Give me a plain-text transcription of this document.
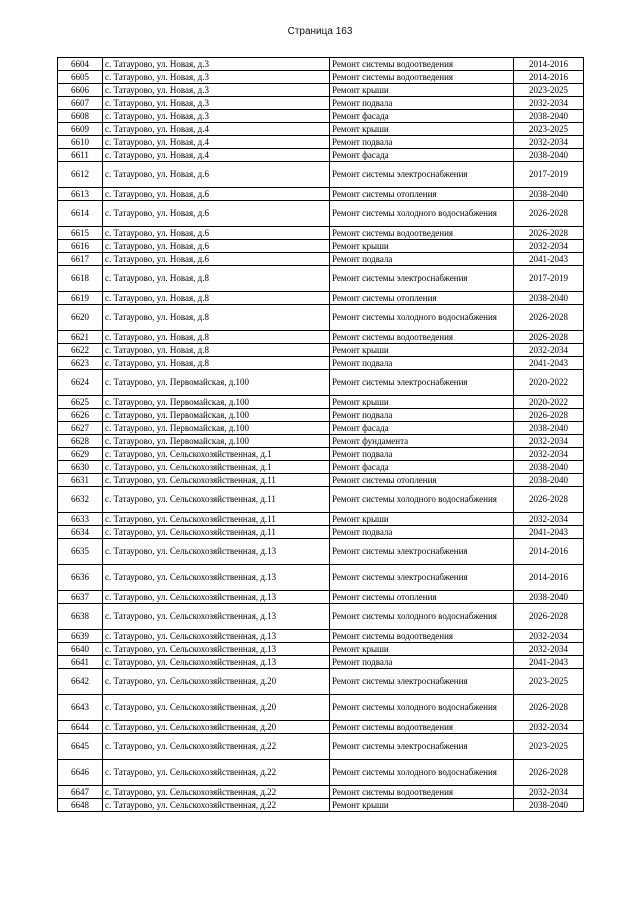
Страница 163
6604	с. Татаурово, ул. Новая, д.3	Ремонт системы водоотведения	2014-2016
6605	с. Татаурово, ул. Новая, д.3	Ремонт системы водоотведения	2014-2016
6606	с. Татаурово, ул. Новая, д.3	Ремонт крыши	2023-2025
6607	с. Татаурово, ул. Новая, д.3	Ремонт подвала	2032-2034
6608	с. Татаурово, ул. Новая, д.3	Ремонт фасада	2038-2040
6609	с. Татаурово, ул. Новая, д.4	Ремонт крыши	2023-2025
6610	с. Татаурово, ул. Новая, д.4	Ремонт подвала	2032-2034
6611	с. Татаурово, ул. Новая, д.4	Ремонт фасада	2038-2040
6612	с. Татаурово, ул. Новая, д.6	Ремонт системы электроснабжения	2017-2019
6613	с. Татаурово, ул. Новая, д.6	Ремонт системы отопления	2038-2040
6614	с. Татаурово, ул. Новая, д.6	Ремонт системы холодного водоснабжения	2026-2028
6615	с. Татаурово, ул. Новая, д.6	Ремонт системы водоотведения	2026-2028
6616	с. Татаурово, ул. Новая, д.6	Ремонт крыши	2032-2034
6617	с. Татаурово, ул. Новая, д.6	Ремонт подвала	2041-2043
6618	с. Татаурово, ул. Новая, д.8	Ремонт системы электроснабжения	2017-2019
6619	с. Татаурово, ул. Новая, д.8	Ремонт системы отопления	2038-2040
6620	с. Татаурово, ул. Новая, д.8	Ремонт системы холодного водоснабжения	2026-2028
6621	с. Татаурово, ул. Новая, д.8	Ремонт системы водоотведения	2026-2028
6622	с. Татаурово, ул. Новая, д.8	Ремонт крыши	2032-2034
6623	с. Татаурово, ул. Новая, д.8	Ремонт подвала	2041-2043
6624	с. Татаурово, ул. Первомайская, д.100	Ремонт системы электроснабжения	2020-2022
6625	с. Татаурово, ул. Первомайская, д.100	Ремонт крыши	2020-2022
6626	с. Татаурово, ул. Первомайская, д.100	Ремонт подвала	2026-2028
6627	с. Татаурово, ул. Первомайская, д.100	Ремонт фасада	2038-2040
6628	с. Татаурово, ул. Первомайская, д.100	Ремонт фундамента	2032-2034
6629	с. Татаурово, ул. Сельскохозяйственная, д.1	Ремонт подвала	2032-2034
6630	с. Татаурово, ул. Сельскохозяйственная, д.1	Ремонт фасада	2038-2040
6631	с. Татаурово, ул. Сельскохозяйственная, д.11	Ремонт системы отопления	2038-2040
6632	с. Татаурово, ул. Сельскохозяйственная, д.11	Ремонт системы холодного водоснабжения	2026-2028
6633	с. Татаурово, ул. Сельскохозяйственная, д.11	Ремонт крыши	2032-2034
6634	с. Татаурово, ул. Сельскохозяйственная, д.11	Ремонт подвала	2041-2043
6635	с. Татаурово, ул. Сельскохозяйственная, д.13	Ремонт системы электроснабжения	2014-2016
6636	с. Татаурово, ул. Сельскохозяйственная, д.13	Ремонт системы электроснабжения	2014-2016
6637	с. Татаурово, ул. Сельскохозяйственная, д.13	Ремонт системы отопления	2038-2040
6638	с. Татаурово, ул. Сельскохозяйственная, д.13	Ремонт системы холодного водоснабжения	2026-2028
6639	с. Татаурово, ул. Сельскохозяйственная, д.13	Ремонт системы водоотведения	2032-2034
6640	с. Татаурово, ул. Сельскохозяйственная, д.13	Ремонт крыши	2032-2034
6641	с. Татаурово, ул. Сельскохозяйственная, д.13	Ремонт подвала	2041-2043
6642	с. Татаурово, ул. Сельскохозяйственная, д.20	Ремонт системы электроснабжения	2023-2025
6643	с. Татаурово, ул. Сельскохозяйственная, д.20	Ремонт системы холодного водоснабжения	2026-2028
6644	с. Татаурово, ул. Сельскохозяйственная, д.20	Ремонт системы водоотведения	2032-2034
6645	с. Татаурово, ул. Сельскохозяйственная, д.22	Ремонт системы электроснабжения	2023-2025
6646	с. Татаурово, ул. Сельскохозяйственная, д.22	Ремонт системы холодного водоснабжения	2026-2028
6647	с. Татаурово, ул. Сельскохозяйственная, д.22	Ремонт системы водоотведения	2032-2034
6648	с. Татаурово, ул. Сельскохозяйственная, д.22	Ремонт крыши	2038-2040
